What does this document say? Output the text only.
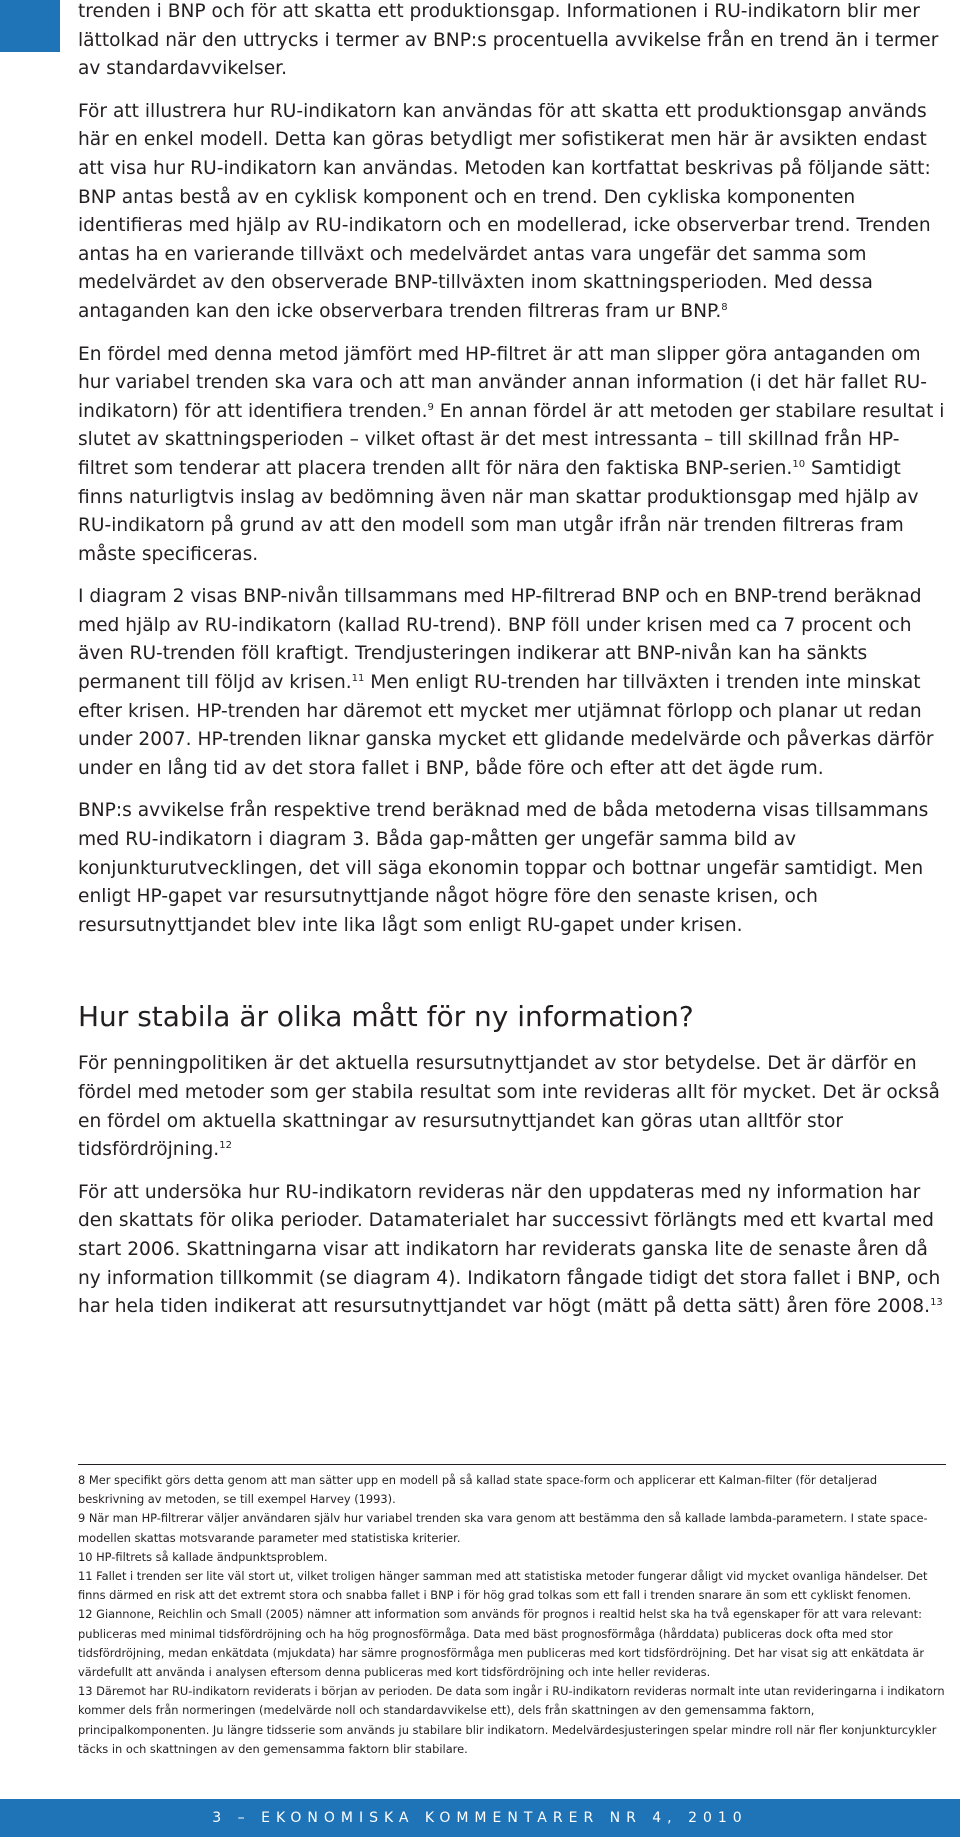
trenden i BNP och för att skatta ett produktionsgap. Informationen i RU-indikatorn blir mer lättolkad när den uttrycks i termer av BNP:s procentuella avvikelse från en trend än i termer av standardavvikelser.

För att illustrera hur RU-indikatorn kan användas för att skatta ett produktionsgap används här en enkel modell. Detta kan göras betydligt mer sofistikerat men här är avsikten endast att visa hur RU-indikatorn kan användas. Metoden kan kortfattat beskrivas på följande sätt: BNP antas bestå av en cyklisk komponent och en trend. Den cykliska komponenten identifieras med hjälp av RU-indikatorn och en modellerad, icke observerbar trend. Trenden antas ha en varierande tillväxt och medelvärdet antas vara ungefär det samma som medelvärdet av den observerade BNP-tillväxten inom skattningsperioden. Med dessa antaganden kan den icke observerbara trenden filtreras fram ur BNP.$^8$

En fördel med denna metod jämfört med HP-filtret är att man slipper göra antaganden om hur variabel trenden ska vara och att man använder annan information (i det här fallet RU-indikatorn) för att identifiera trenden.$^9$ En annan fördel är att metoden ger stabilare resultat i slutet av skattningsperioden – vilket oftast är det mest intressanta – till skillnad från HP-filtret som tenderar att placera trenden allt för nära den faktiska BNP-serien.$^{10}$ Samtidigt finns naturligtvis inslag av bedömning även när man skattar produktionsgap med hjälp av RU-indikatorn på grund av att den modell som man utgår ifrån när trenden filtreras fram måste specificeras.

I diagram 2 visas BNP-nivån tillsammans med HP-filtrerad BNP och en BNP-trend beräknad med hjälp av RU-indikatorn (kallad RU-trend). BNP föll under krisen med ca 7 procent och även RU-trenden föll kraftigt. Trendjusteringen indikerar att BNP-nivån kan ha sänkts permanent till följd av krisen.$^{11}$ Men enligt RU-trenden har tillväxten i trenden inte minskat efter krisen. HP-trenden har däremot ett mycket mer utjämnat förlopp och planar ut redan under 2007. HP-trenden liknar ganska mycket ett glidande medelvärde och påverkas därför under en lång tid av det stora fallet i BNP, både före och efter att det ägde rum.

BNP:s avvikelse från respektive trend beräknad med de båda metoderna visas tillsammans med RU-indikatorn i diagram 3. Båda gap-måtten ger ungefär samma bild av konjunkturutvecklingen, det vill säga ekonomin toppar och bottnar ungefär samtidigt. Men enligt HP-gapet var resursutnyttjande något högre före den senaste krisen, och resursutnyttjandet blev inte lika lågt som enligt RU-gapet under krisen.

Hur stabila är olika mått för ny information?

För penningpolitiken är det aktuella resursutnyttjandet av stor betydelse. Det är därför en fördel med metoder som ger stabila resultat som inte revideras allt för mycket. Det är också en fördel om aktuella skattningar av resursutnyttjandet kan göras utan alltför stor tidsfördröjning.$^{12}$

För att undersöka hur RU-indikatorn revideras när den uppdateras med ny information har den skattats för olika perioder. Datamaterialet har successivt förlängts med ett kvartal med start 2006. Skattningarna visar att indikatorn har reviderats ganska lite de senaste åren då ny information tillkommit (se diagram 4). Indikatorn fångade tidigt det stora fallet i BNP, och har hela tiden indikerat att resursutnyttjandet var högt (mätt på detta sätt) åren före 2008.13

8 Mer specifikt görs detta genom att man sätter upp en modell på så kallad state space-form och applicerar ett Kalman-filter (för detaljerad beskrivning av metoden, se till exempel Harvey (1993).

9 När man HP-filtrerar väljer användaren själv hur variabel trenden ska vara genom att bestämma den så kallade lambda-parametern. I state space-modellen skattas motsvarande parameter med statistiska kriterier.

10 HP-filtrets så kallade ändpunktsproblem.

11 Fallet i trenden ser lite väl stort ut, vilket troligen hänger samman med att statistiska metoder fungerar dåligt vid mycket ovanliga händelser. Det finns därmed en risk att det extremt stora och snabba fallet i BNP i för hög grad tolkas som ett fall i trenden snarare än som ett cykliskt fenomen.

12 Giannone, Reichlin och Small (2005) nämner att information som används för prognos i realtid helst ska ha två egenskaper för att vara relevant: publiceras med minimal tidsfördröjning och ha hög prognosförmåga. Data med bäst prognosförmåga (hårddata) publiceras dock ofta med stor tidsfördröjning, medan enkätdata (mjukdata) har sämre prognosförmåga men publiceras med kort tidsfördröjning. Det har visat sig att enkätdata är värdefullt att använda i analysen eftersom denna publiceras med kort tidsfördröjning och inte heller revideras.

13 Däremot har RU-indikatorn reviderats i början av perioden. De data som ingår i RU-indikatorn revideras normalt inte utan revideringarna i indikatorn kommer dels från normeringen (medelvärde noll och standardavvikelse ett), dels från skattningen av den gemensamma faktorn, principalkomponenten. Ju längre tidsserie som används ju stabilare blir indikatorn. Medelvärdesjusteringen spelar mindre roll när fler konjunkturcykler täcks in och skattningen av den gemensamma faktorn blir stabilare.

3
–
EKONOMISKA KOMMENTARER NR 4, 2010
